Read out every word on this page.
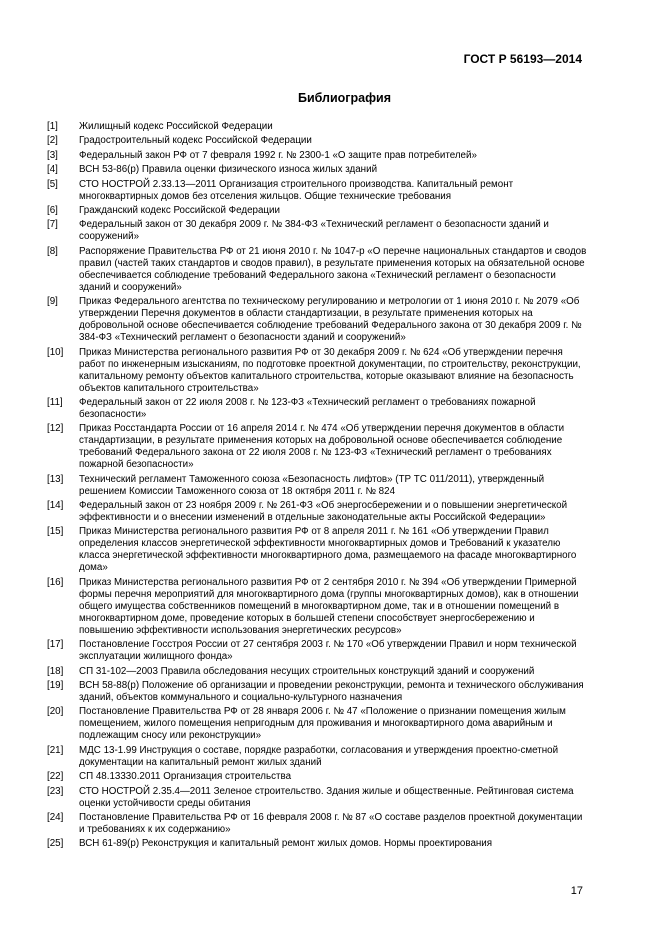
ГОСТ Р 56193—2014
Библиография
[1]	Жилищный кодекс Российской Федерации
[2]	Градостроительный кодекс Российской Федерации
[3]	Федеральный закон РФ от 7 февраля 1992 г. № 2300-1 «О защите прав потребителей»
[4]	ВСН 53-86(р) Правила оценки физического износа жилых зданий
[5]	СТО НОСТРОЙ 2.33.13—2011 Организация строительного производства. Капитальный ремонт многоквартирных домов без отселения жильцов. Общие технические требования
[6]	Гражданский кодекс Российской Федерации
[7]	Федеральный закон от 30 декабря 2009 г. № 384-ФЗ «Технический регламент о безопасности зданий и сооружений»
[8]	Распоряжение Правительства РФ от 21 июня 2010 г. № 1047-р «О перечне национальных стандартов и сводов правил (частей таких стандартов и сводов правил), в результате применения которых на обязательной основе обеспечивается соблюдение требований Федерального закона «Технический регламент о безопасности зданий и сооружений»
[9]	Приказ Федерального агентства по техническому регулированию и метрологии от 1 июня 2010 г. № 2079 «Об утверждении Перечня документов в области стандартизации, в результате применения которых на добровольной основе обеспечивается соблюдение требований Федерального закона от 30 декабря 2009 г. № 384-ФЗ «Технический регламент о безопасности зданий и сооружений»
[10]	Приказ Министерства регионального развития РФ от 30 декабря 2009 г. № 624 «Об утверждении перечня работ по инженерным изысканиям, по подготовке проектной документации, по строительству, реконструкции, капитальному ремонту объектов капитального строительства, которые оказывают влияние на безопасность объектов капитального строительства»
[11]	Федеральный закон от 22 июля 2008 г. № 123-ФЗ «Технический регламент о требованиях пожарной безопасности»
[12]	Приказ Росстандарта России от 16 апреля 2014 г. № 474 «Об утверждении перечня документов в области стандартизации, в результате применения которых на добровольной основе обеспечивается соблюдение требований Федерального закона от 22 июля 2008 г. № 123-ФЗ «Технический регламент о требованиях пожарной безопасности»
[13]	Технический регламент Таможенного союза «Безопасность лифтов» (ТР ТС 011/2011), утвержденный решением Комиссии Таможенного союза от 18 октября 2011 г. № 824
[14]	Федеральный закон от 23 ноября 2009 г. № 261-ФЗ «Об энергосбережении и о повышении энергетической эффективности и о внесении изменений в отдельные законодательные акты Российской Федерации»
[15]	Приказ Министерства регионального развития РФ от 8 апреля 2011 г. № 161 «Об утверждении Правил определения классов энергетической эффективности многоквартирных домов и Требований к указателю класса энергетической эффективности многоквартирного дома, размещаемого на фасаде многоквартирного дома»
[16]	Приказ Министерства регионального развития РФ от 2 сентября 2010 г. № 394 «Об утверждении Примерной формы перечня мероприятий для многоквартирного дома (группы многоквартирных домов), как в отношении общего имущества собственников помещений в многоквартирном доме, так и в отношении помещений в многоквартирном доме, проведение которых в большей степени способствует энергосбережению и повышению эффективности использования энергетических ресурсов»
[17]	Постановление Госстроя России от 27 сентября 2003 г. № 170 «Об утверждении Правил и норм технической эксплуатации жилищного фонда»
[18]	СП 31-102—2003 Правила обследования несущих строительных конструкций зданий и сооружений
[19]	ВСН 58-88(р) Положение об организации и проведении реконструкции, ремонта и технического обслуживания зданий, объектов коммунального и социально-культурного назначения
[20]	Постановление Правительства РФ от 28 января 2006 г. № 47 «Положение о признании помещения жилым помещением, жилого помещения непригодным для проживания и многоквартирного дома аварийным и подлежащим сносу или реконструкции»
[21]	МДС 13-1.99 Инструкция о составе, порядке разработки, согласования и утверждения проектно-сметной документации на капитальный ремонт жилых зданий
[22]	СП 48.13330.2011 Организация строительства
[23]	СТО НОСТРОЙ 2.35.4—2011 Зеленое строительство. Здания жилые и общественные. Рейтинговая система оценки устойчивости среды обитания
[24]	Постановление Правительства РФ от 16 февраля 2008 г. № 87 «О составе разделов проектной документации и требованиях к их содержанию»
[25]	ВСН 61-89(р) Реконструкция и капитальный ремонт жилых домов. Нормы проектирования
17
